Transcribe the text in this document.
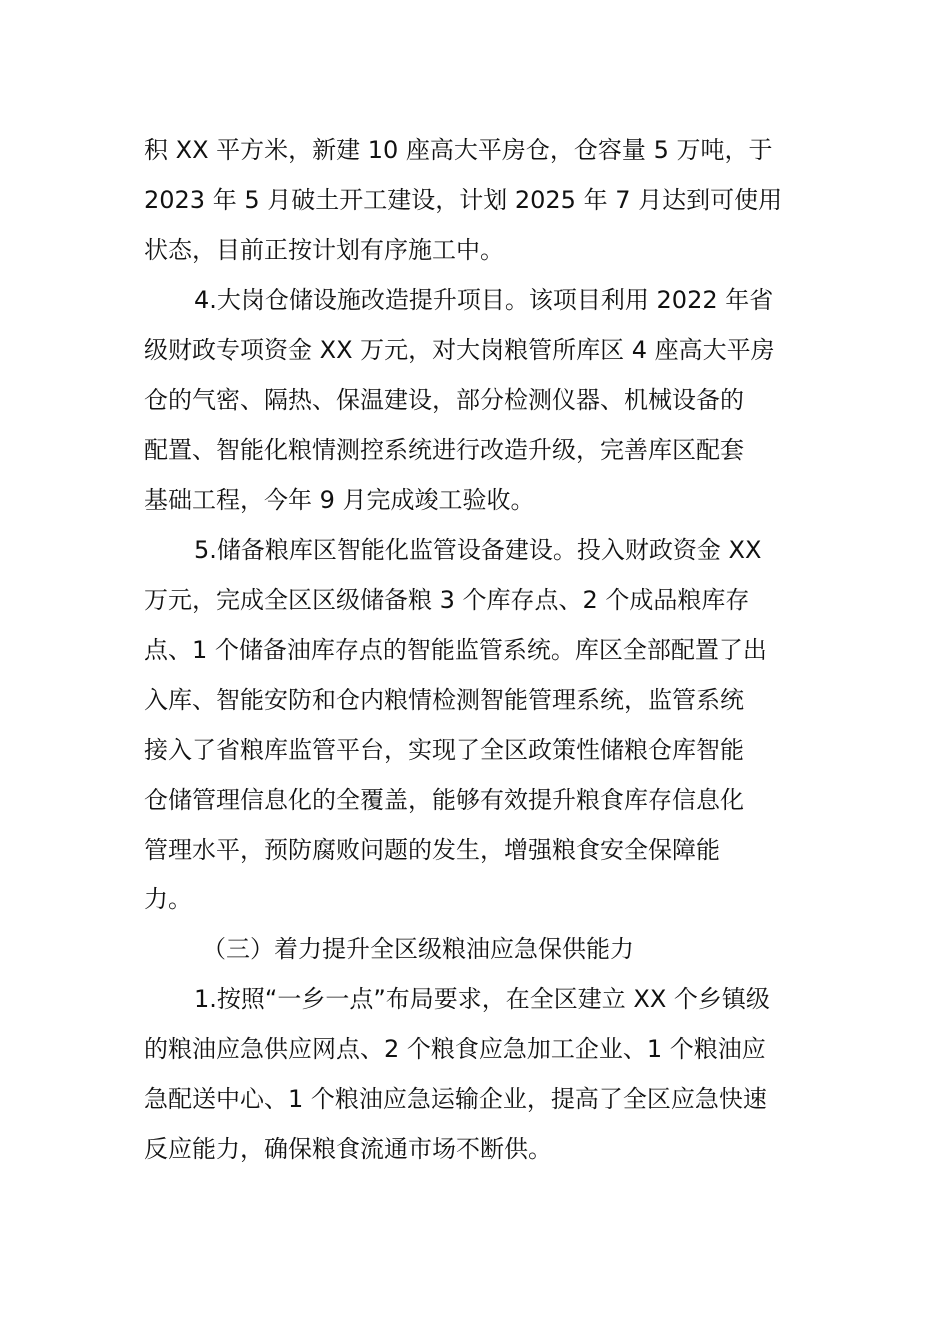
积 XX 平方米，新建 10 座高大平房仓，仓容量 5 万吨，于
2023 年 5 月破土开工建设，计划 2025 年 7 月达到可使用
状态，目前正按计划有序施工中。
4.大岗仓储设施改造提升项目。该项目利用 2022 年省
级财政专项资金 XX 万元，对大岗粮管所库区 4 座高大平房
仓的气密、隔热、保温建设，部分检测仪器、机械设备的
配置、智能化粮情测控系统进行改造升级，完善库区配套
基础工程，今年 9 月完成竣工验收。
5.储备粮库区智能化监管设备建设。投入财政资金 XX
万元，完成全区区级储备粮 3 个库存点、2 个成品粮库存
点、1 个储备油库存点的智能监管系统。库区全部配置了出
入库、智能安防和仓内粮情检测智能管理系统，监管系统
接入了省粮库监管平台，实现了全区政策性储粮仓库智能
仓储管理信息化的全覆盖，能够有效提升粮食库存信息化
管理水平，预防腐败问题的发生，增强粮食安全保障能
力。
（三）着力提升全区级粮油应急保供能力
1.按照“一乡一点”布局要求，在全区建立 XX 个乡镇级
的粮油应急供应网点、2 个粮食应急加工企业、1 个粮油应
急配送中心、1 个粮油应急运输企业，提高了全区应急快速
反应能力，确保粮食流通市场不断供。
